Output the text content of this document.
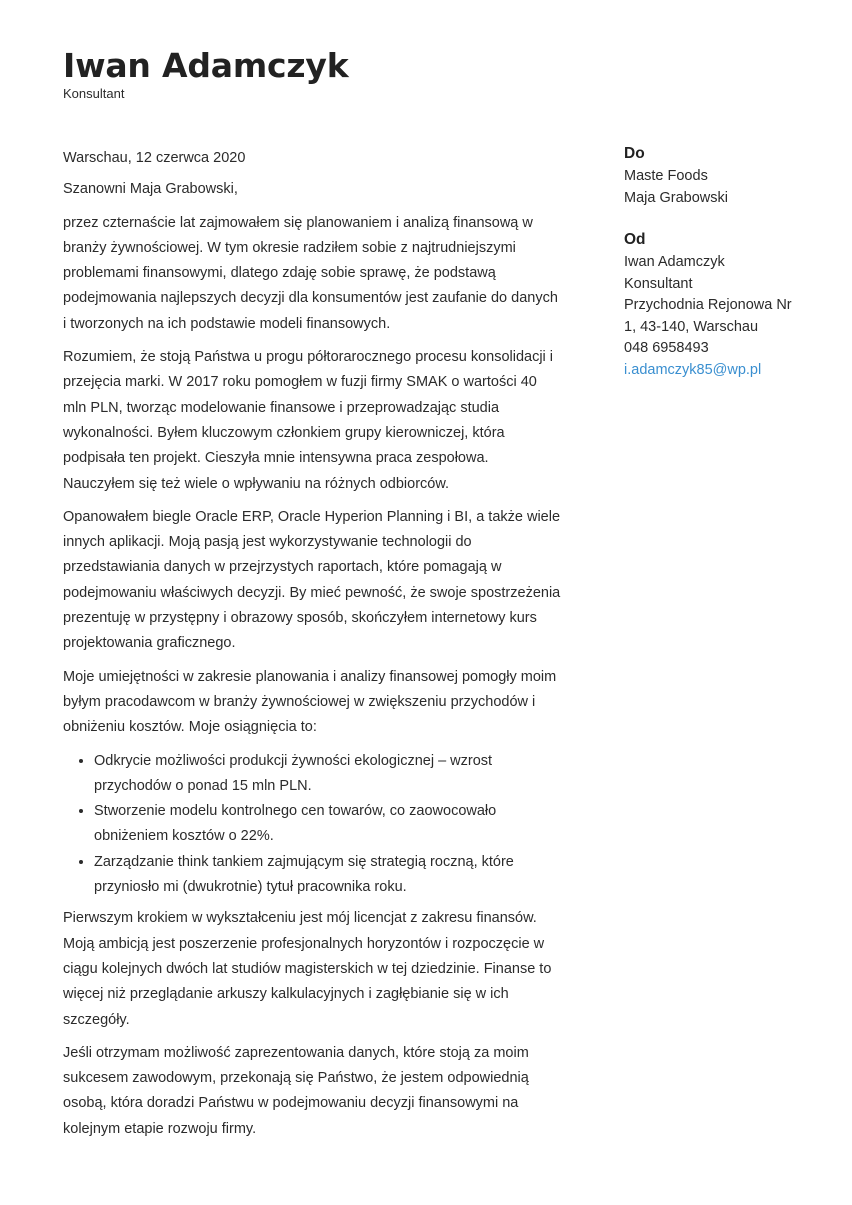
Iwan Adamczyk

Konsultant

Warschau, 12 czerwca 2020

Szanowni Maja Grabowski,

przez czternaście lat zajmowałem się planowaniem i analizą finansową w branży żywnościowej. W tym okresie radziłem sobie z najtrudniejszymi problemami finansowymi, dlatego zdaję sobie sprawę, że podstawą podejmowania najlepszych decyzji dla konsumentów jest zaufanie do danych i tworzonych na ich podstawie modeli finansowych.

Rozumiem, że stoją Państwa u progu półtorarocznego procesu konsolidacji i przejęcia marki. W 2017 roku pomogłem w fuzji firmy SMAK o wartości 40 mln PLN, tworząc modelowanie finansowe i przeprowadzając studia wykonalności. Byłem kluczowym członkiem grupy kierowniczej, która podpisała ten projekt. Cieszyła mnie intensywna praca zespołowa. Nauczyłem się też wiele o wpływaniu na różnych odbiorców.

Opanowałem biegle Oracle ERP, Oracle Hyperion Planning i BI, a także wiele innych aplikacji. Moją pasją jest wykorzystywanie technologii do przedstawiania danych w przejrzystych raportach, które pomagają w podejmowaniu właściwych decyzji. By mieć pewność, że swoje spostrzeżenia prezentuję w przystępny i obrazowy sposób, skończyłem internetowy kurs projektowania graficznego.

Moje umiejętności w zakresie planowania i analizy finansowej pomogły moim byłym pracodawcom w branży żywnościowej w zwiększeniu przychodów i obniżeniu kosztów. Moje osiągnięcia to:

• Odkrycie możliwości produkcji żywności ekologicznej – wzrost przychodów o ponad 15 mln PLN.
• Stworzenie modelu kontrolnego cen towarów, co zaowocowało obniżeniem kosztów o 22%.
• Zarządzanie think tankiem zajmującym się strategią roczną, które przyniosło mi (dwukrotnie) tytuł pracownika roku.

Pierwszym krokiem w wykształceniu jest mój licencjat z zakresu finansów. Moją ambicją jest poszerzenie profesjonalnych horyzontów i rozpoczęcie w ciągu kolejnych dwóch lat studiów magisterskich w tej dziedzinie. Finanse to więcej niż przeglądanie arkuszy kalkulacyjnych i zagłębianie się w ich szczegóły.

Jeśli otrzymam możliwość zaprezentowania danych, które stoją za moim sukcesem zawodowym, przekonają się Państwo, że jestem odpowiednią osobą, która doradzi Państwu w podejmowaniu decyzji finansowymi na kolejnym etapie rozwoju firmy.

Do
Maste Foods
Maja Grabowski
Od
Iwan Adamczyk
Konsultant
Przychodnia Rejonowa Nr
1, 43-140, Warschau
048 6958493
i.adamczyk85@wp.pl
